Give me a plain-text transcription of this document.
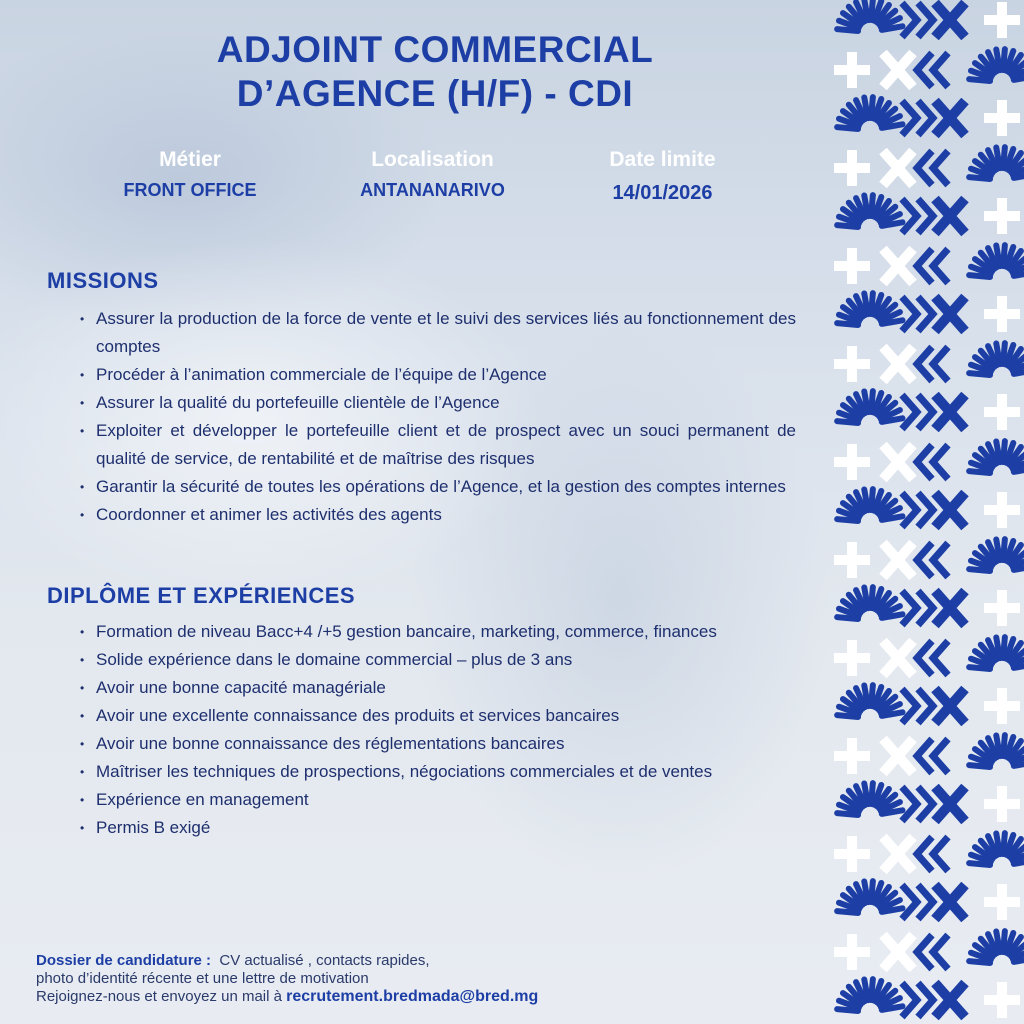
ADJOINT COMMERCIAL
D’AGENCE (H/F) - CDI
Métier
FRONT OFFICE
Localisation
ANTANANARIVO
Date limite
14/01/2026
MISSIONS
• Assurer la production de la force de vente et le suivi des services liés au fonctionnement des comptes
• Procéder à l’animation commerciale de l’équipe de l’Agence
• Assurer la qualité du portefeuille clientèle de l’Agence
• Exploiter et développer le portefeuille client et de prospect avec un souci permanent de qualité de service, de rentabilité et de maîtrise des risques
• Garantir la sécurité de toutes les opérations de l’Agence, et la gestion des comptes internes
• Coordonner et animer les activités des agents
DIPLÔME ET EXPÉRIENCES
• Formation de niveau Bacc+4 /+5 gestion bancaire, marketing, commerce, finances
• Solide expérience dans le domaine commercial – plus de 3 ans
• Avoir une bonne capacité managériale
• Avoir une excellente connaissance des produits et services bancaires
• Avoir une bonne connaissance des réglementations bancaires
• Maîtriser les techniques de prospections, négociations commerciales et de ventes
• Expérience en management
• Permis B exigé
Dossier de candidature : CV actualisé , contacts rapides,
photo d’identité récente et une lettre de motivation
Rejoignez-nous et envoyez un mail à recrutement.bredmada@bred.mg
